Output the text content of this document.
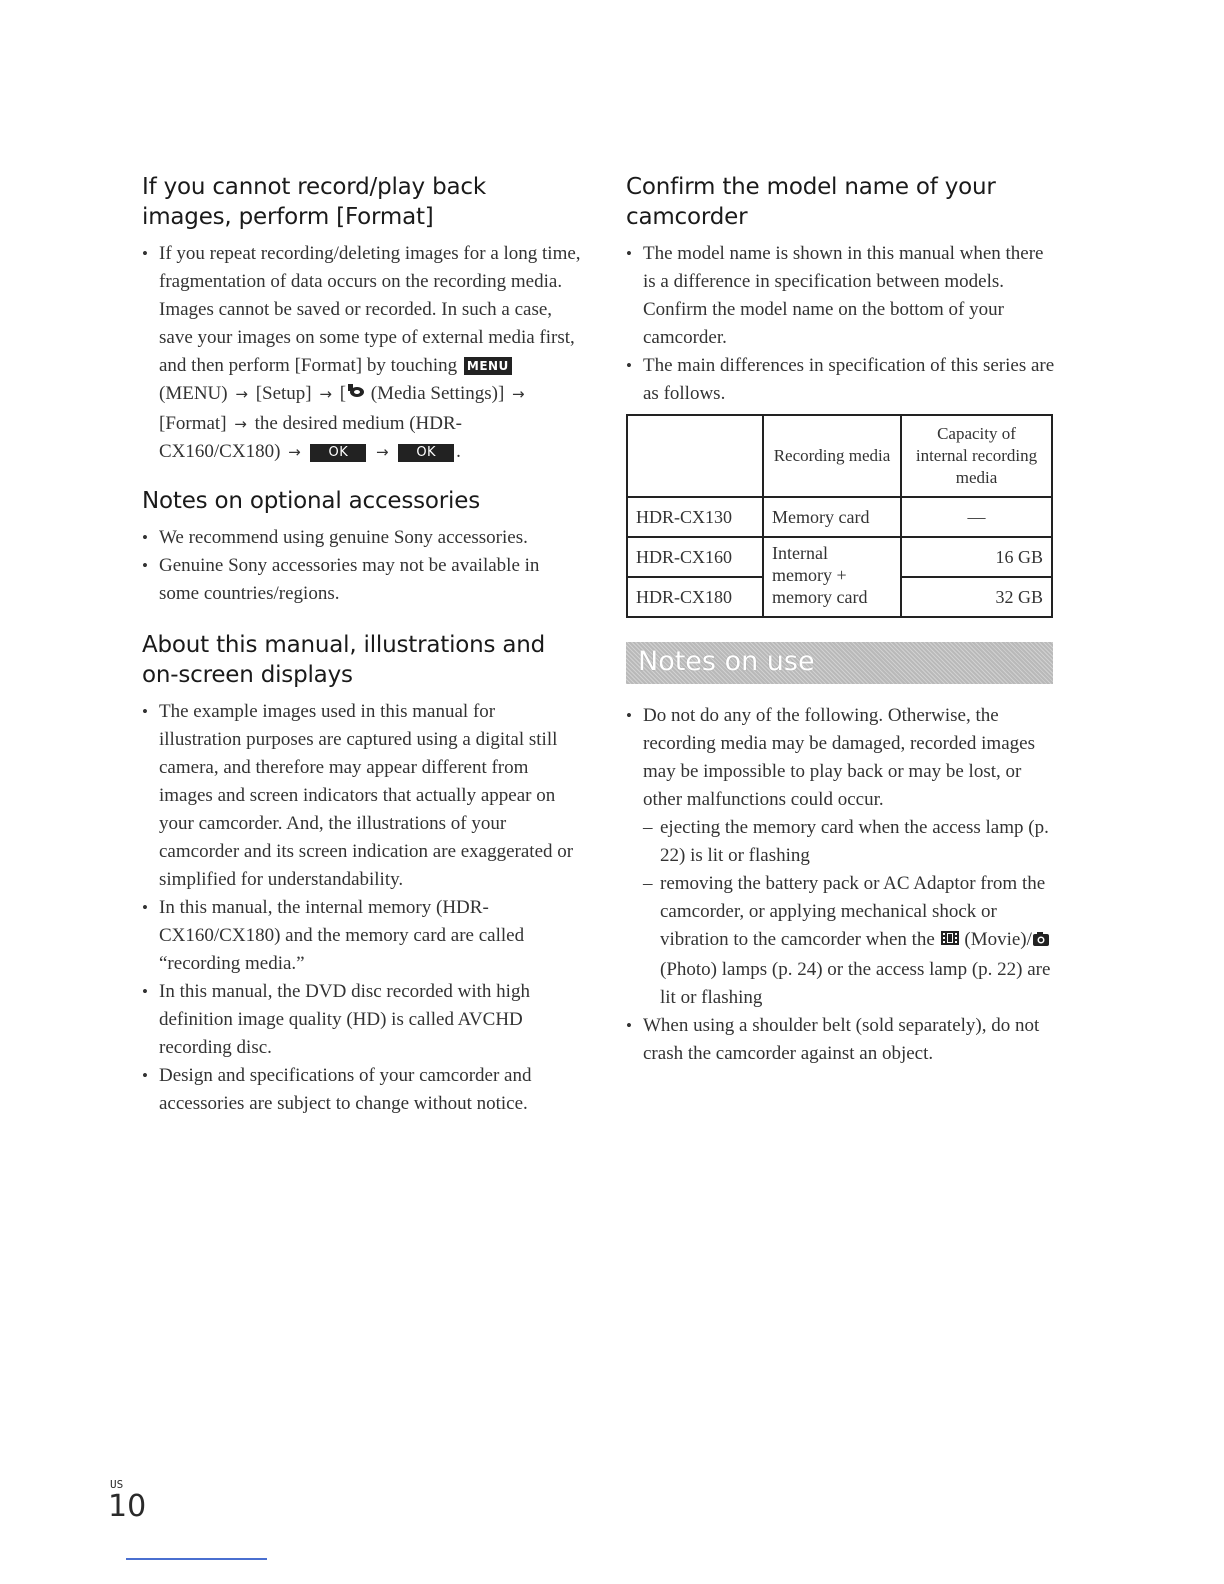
If you cannot record/play back images, perform [Format]
• If you repeat recording/deleting images for a long time, fragmentation of data occurs on the recording media. Images cannot be saved or recorded. In such a case, save your images on some type of external media first, and then perform [Format] by touching MENU (MENU) → [Setup] → [ (Media Settings)] → [Format] → the desired medium (HDR-CX160/CX180) → OK → OK .
Notes on optional accessories
• We recommend using genuine Sony accessories.
• Genuine Sony accessories may not be available in some countries/regions.
About this manual, illustrations and on-screen displays
• The example images used in this manual for illustration purposes are captured using a digital still camera, and therefore may appear different from images and screen indicators that actually appear on your camcorder. And, the illustrations of your camcorder and its screen indication are exaggerated or simplified for understandability.
• In this manual, the internal memory (HDR-CX160/CX180) and the memory card are called “recording media.”
• In this manual, the DVD disc recorded with high definition image quality (HD) is called AVCHD recording disc.
• Design and specifications of your camcorder and accessories are subject to change without notice.
Confirm the model name of your camcorder
• The model name is shown in this manual when there is a difference in specification between models. Confirm the model name on the bottom of your camcorder.
• The main differences in specification of this series are as follows.
	Recording media	Capacity of internal recording media
HDR-CX130	Memory card	—
HDR-CX160	Internal memory + memory card	16 GB
HDR-CX180		32 GB
Notes on use
• Do not do any of the following. Otherwise, the recording media may be damaged, recorded images may be impossible to play back or may be lost, or other malfunctions could occur.
– ejecting the memory card when the access lamp (p. 22) is lit or flashing
– removing the battery pack or AC Adaptor from the camcorder, or applying mechanical shock or vibration to the camcorder when the (Movie)/ (Photo) lamps (p. 24) or the access lamp (p. 22) are lit or flashing
• When using a shoulder belt (sold separately), do not crash the camcorder against an object.
US
10
